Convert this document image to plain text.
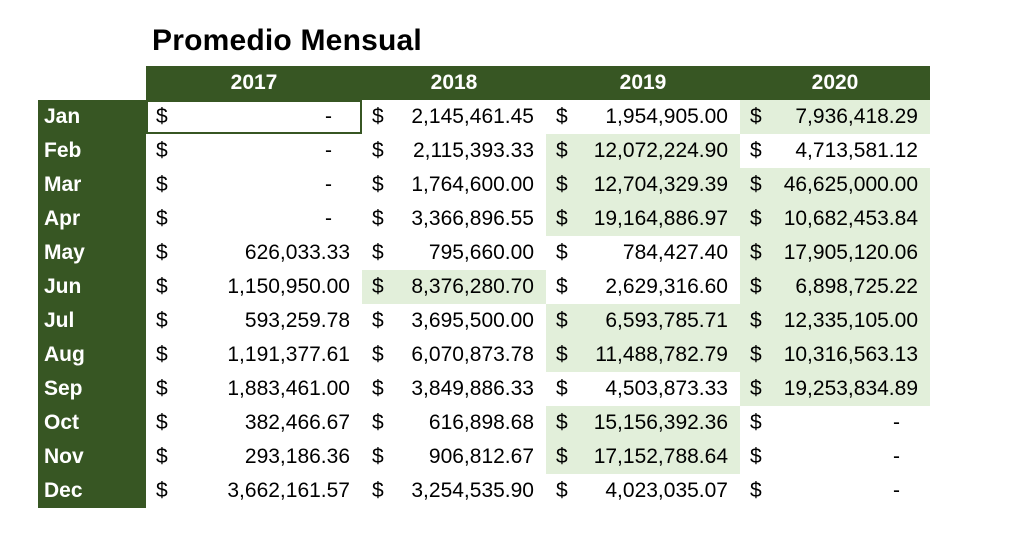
Promedio Mensual
2017	2018	2019	2020
Jan	$	-	$	2,145,461.45 $	1,954,905.00 $	7,936,418.29
Feb	$	-	$	2,115,393.33 $	12,072,224.90 $	4,713,581.12
Mar	$	-	$	1,764,600.00 $	12,704,329.39 $	46,625,000.00
Apr	$	-	$	3,366,896.55 $	19,164,886.97 $	10,682,453.84
May	$	626,033.33 $	795,660.00 $	784,427.40 $	17,905,120.06
Jun	$	1,150,950.00 $	8,376,280.70 $	2,629,316.60 $	6,898,725.22
Jul	$	593,259.78 $	3,695,500.00 $	6,593,785.71 $	12,335,105.00
Aug	$	1,191,377.61 $	6,070,873.78 $	11,488,782.79 $	10,316,563.13
Sep	$	1,883,461.00 $	3,849,886.33 $	4,503,873.33 $	19,253,834.89
Oct	$	382,466.67 $	616,898.68 $	15,156,392.36 $	-
Nov	$	293,186.36 $	906,812.67 $	17,152,788.64 $	-
Dec	$	3,662,161.57 $	3,254,535.90 $	4,023,035.07 $	-
